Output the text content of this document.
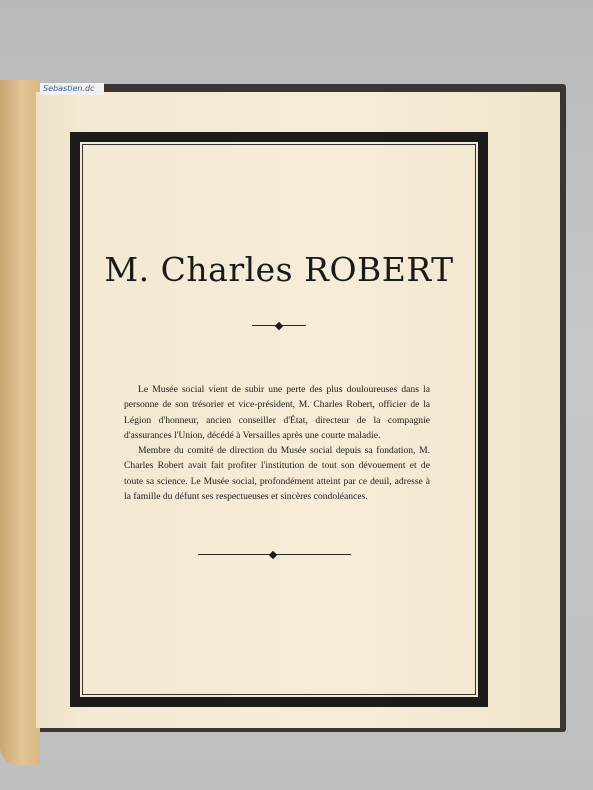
Sebastien.dc
M. Charles ROBERT

Le Musée social vient de subir une perte des plus douloureuses dans la personne de son trésorier et vice-président, M. Charles Robert, officier de la Légion d'honneur, ancien conseiller d'État, directeur de la compagnie d'assurances l'Union, décédé à Versailles après une courte maladie.

Membre du comité de direction du Musée social depuis sa fondation, M. Charles Robert avait fait profiter l'institution de tout son dévouement et de toute sa science. Le Musée social, profondément atteint par ce deuil, adresse à la famille du défunt ses respectueuses et sincères condoléances.
